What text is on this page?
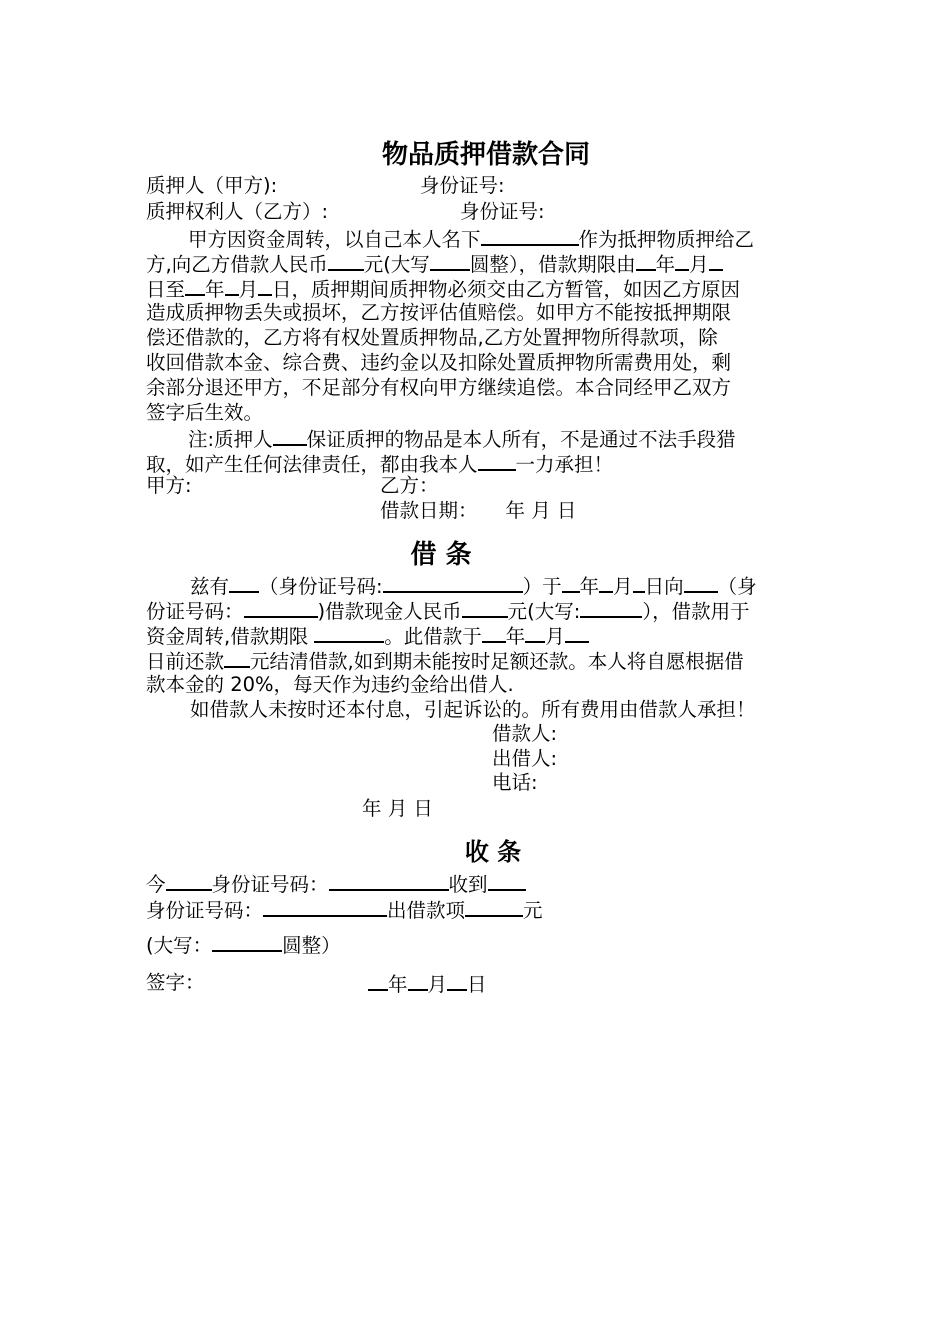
物品质押借款合同
质押人（甲方):	身份证号:
质押权利人（乙方）:	身份证号:
甲方因资金周转，以自己本人名下	作为抵押物质押给乙
方,向乙方借款人民币 元(大写 圆整），借款期限由 年 月
日至 年 月 日，质押期间质押物必须交由乙方暂管，如因乙方原因
造成质押物丢失或损坏，乙方按评估值赔偿。如甲方不能按抵押期限
偿还借款的，乙方将有权处置质押物品,乙方处置押物所得款项，除
收回借款本金、综合费、违约金以及扣除处置质押物所需费用处，剩
余部分退还甲方，不足部分有权向甲方继续追偿。本合同经甲乙双方
签字后生效。
注:质押人 保证质押的物品是本人所有，不是通过不法手段猎
取，如产生任何法律责任，都由我本人 一力承担！
甲方:	乙方：
借款日期： 年 月 日
借 条
兹有 （身份证号码:	）于 年 月 日向 （身
份证号码：	)借款现金人民币 元(大写:	），借款用于
资金周转,借款期限	。此借款于 年 月
日前还款 元结清借款,如到期未能按时足额还款。本人将自愿根据借
款本金的 20%，每天作为违约金给出借人.
如借款人未按时还本付息，引起诉讼的。所有费用由借款人承担！
借款人:
出借人:
电话:
年 月 日
收 条
今 身份证号码：	收到
身份证号码：	出借款项	元
(大写：	圆整）
签字：	年 月 日
